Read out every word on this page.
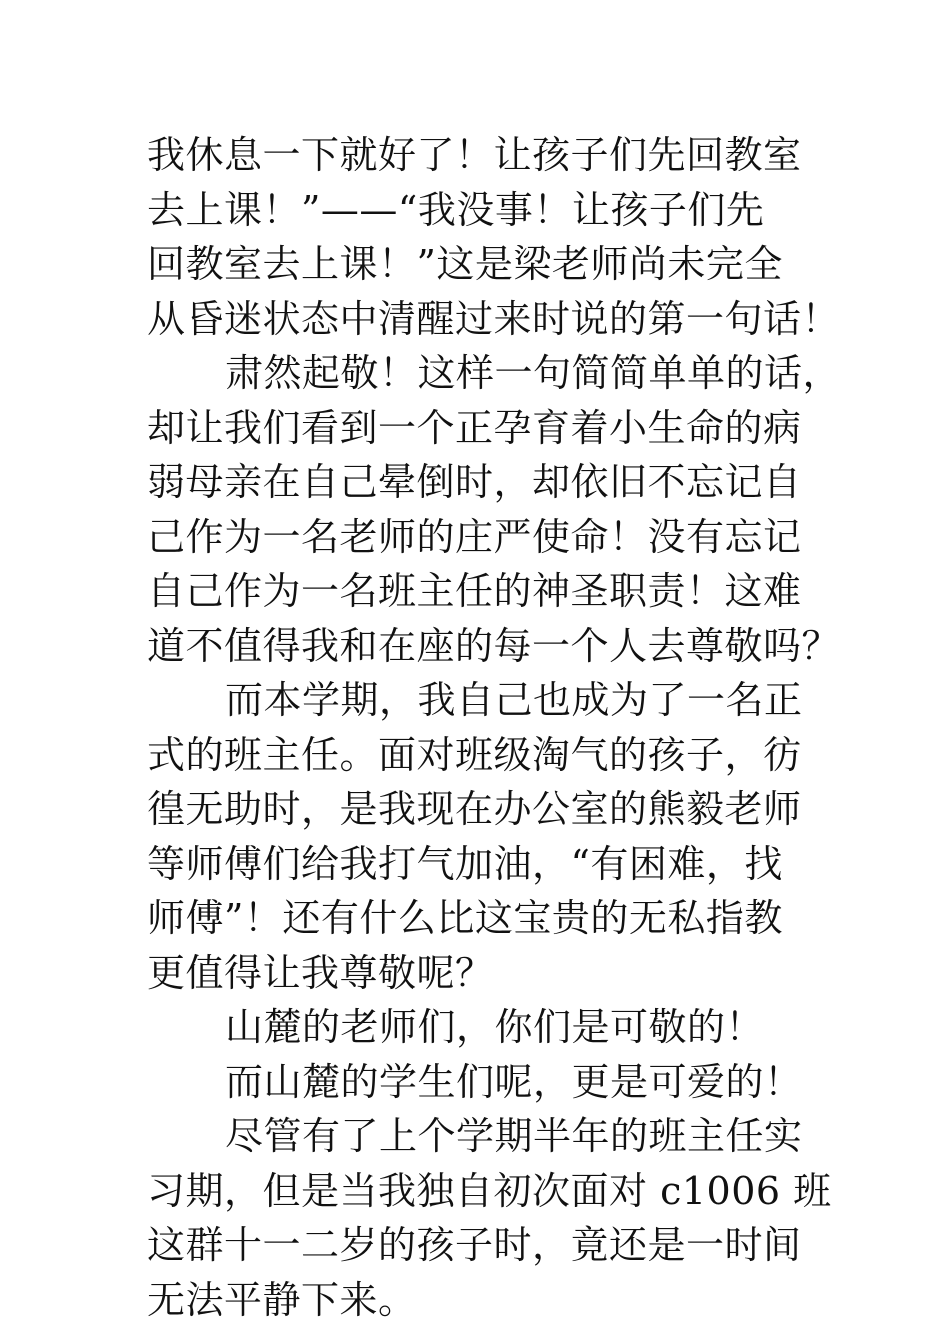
我休息一下就好了！让孩子们先回教室
去上课！”——“我没事！让孩子们先
回教室去上课！”这是梁老师尚未完全
从昏迷状态中清醒过来时说的第一句话！
肃然起敬！这样一句简简单单的话，
却让我们看到一个正孕育着小生命的病
弱母亲在自己晕倒时，却依旧不忘记自
己作为一名老师的庄严使命！没有忘记
自己作为一名班主任的神圣职责！这难
道不值得我和在座的每一个人去尊敬吗？
而本学期，我自己也成为了一名正
式的班主任。面对班级淘气的孩子，彷
徨无助时，是我现在办公室的熊毅老师
等师傅们给我打气加油，“有困难，找
师傅”！还有什么比这宝贵的无私指教
更值得让我尊敬呢？
山麓的老师们，你们是可敬的！
而山麓的学生们呢，更是可爱的！
尽管有了上个学期半年的班主任实
习期，但是当我独自初次面对 c1006 班
这群十一二岁的孩子时，竟还是一时间
无法平静下来。
